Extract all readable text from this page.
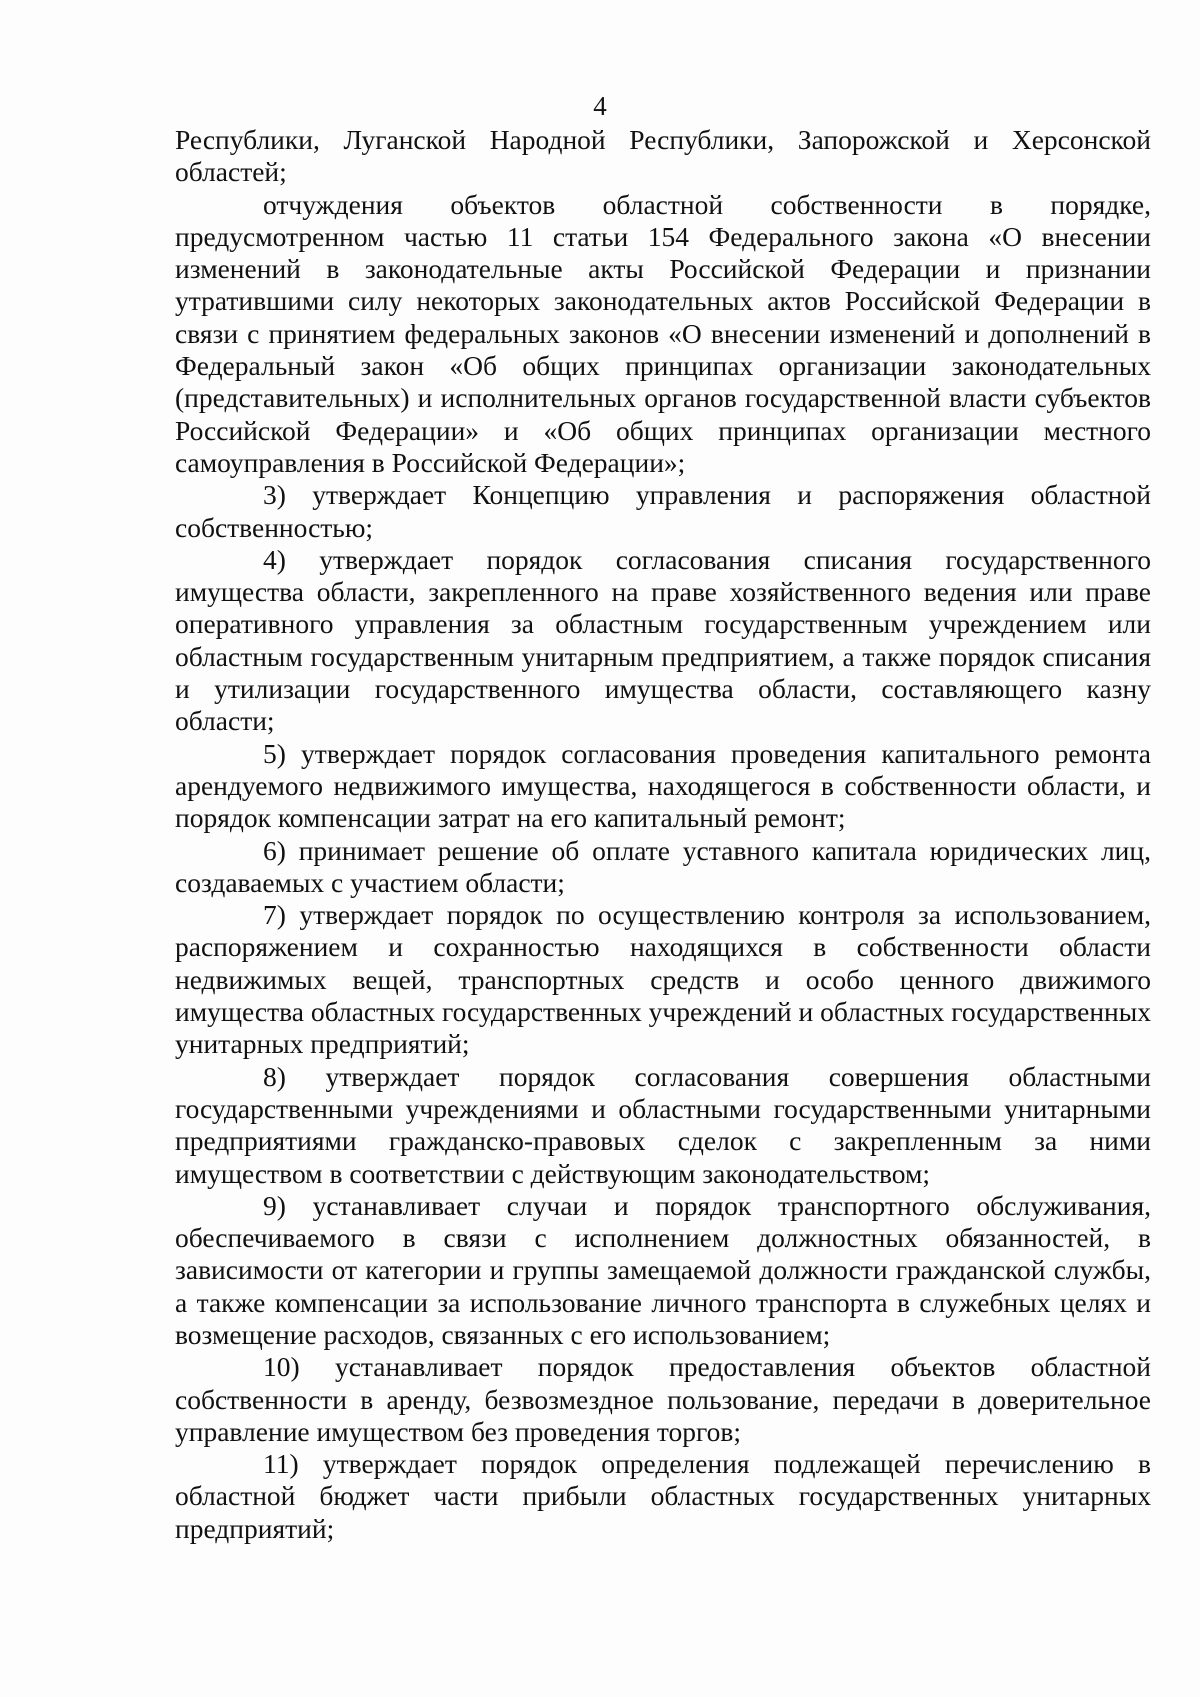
4

Республики, Луганской Народной Республики, Запорожской и Херсонской областей;

отчуждения объектов областной собственности в порядке, предусмотренном частью 11 статьи 154 Федерального закона «О внесении изменений в законодательные акты Российской Федерации и признании утратившими силу некоторых законодательных актов Российской Федерации в связи с принятием федеральных законов «О внесении изменений и дополнений в Федеральный закон «Об общих принципах организации законодательных (представительных) и исполнительных органов государственной власти субъектов Российской Федерации» и «Об общих принципах организации местного самоуправления в Российской Федерации»;

3) утверждает Концепцию управления и распоряжения областной собственностью;

4) утверждает порядок согласования списания государственного имущества области, закрепленного на праве хозяйственного ведения или праве оперативного управления за областным государственным учреждением или областным государственным унитарным предприятием, а также порядок списания и утилизации государственного имущества области, составляющего казну области;

5) утверждает порядок согласования проведения капитального ремонта арендуемого недвижимого имущества, находящегося в собственности области, и порядок компенсации затрат на его капитальный ремонт;

6) принимает решение об оплате уставного капитала юридических лиц, создаваемых с участием области;

7) утверждает порядок по осуществлению контроля за использованием, распоряжением и сохранностью находящихся в собственности области недвижимых вещей, транспортных средств и особо ценного движимого имущества областных государственных учреждений и областных государственных унитарных предприятий;

8) утверждает порядок согласования совершения областными государственными учреждениями и областными государственными унитарными предприятиями гражданско-правовых сделок с закрепленным за ними имуществом в соответствии с действующим законодательством;

9) устанавливает случаи и порядок транспортного обслуживания, обеспечиваемого в связи с исполнением должностных обязанностей, в зависимости от категории и группы замещаемой должности гражданской службы, а также компенсации за использование личного транспорта в служебных целях и возмещение расходов, связанных с его использованием;

10) устанавливает порядок предоставления объектов областной собственности в аренду, безвозмездное пользование, передачи в доверительное управление имуществом без проведения торгов;

11) утверждает порядок определения подлежащей перечислению в областной бюджет части прибыли областных государственных унитарных предприятий;
